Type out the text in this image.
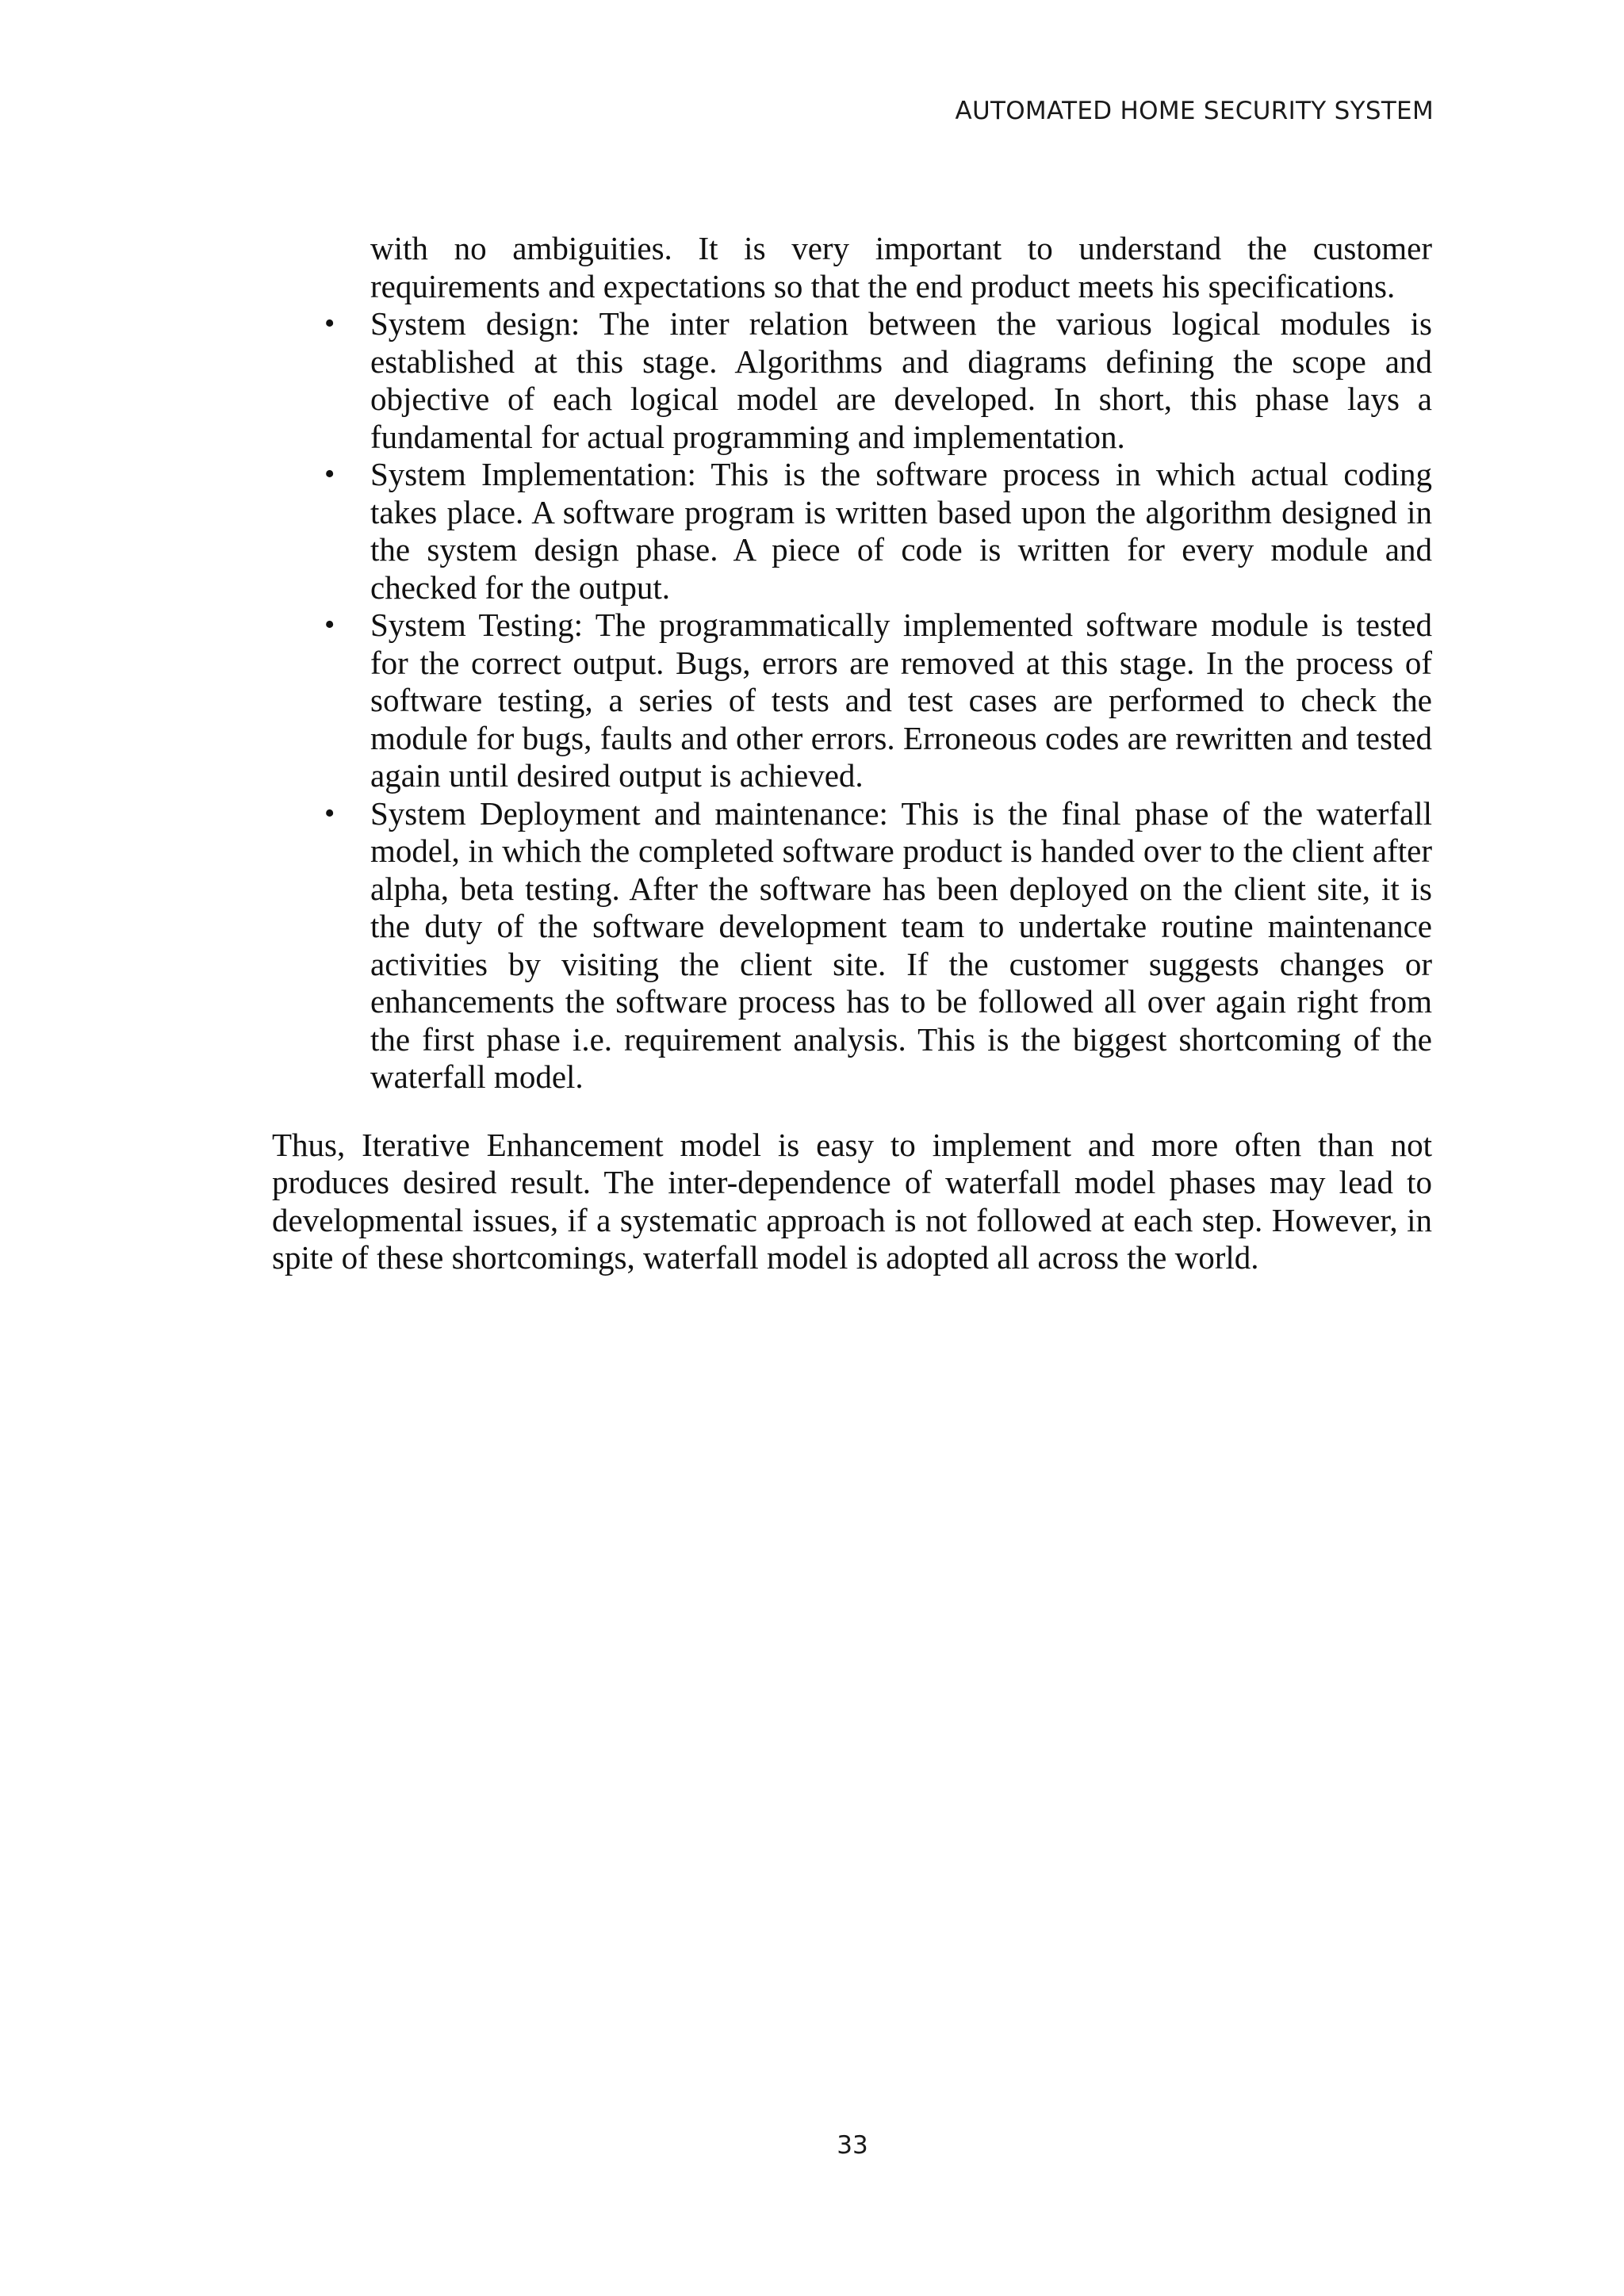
AUTOMATED HOME SECURITY SYSTEM

with no ambiguities. It is very important to understand the customer requirements and expectations so that the end product meets his specifications.

• System design: The inter relation between the various logical modules is established at this stage. Algorithms and diagrams defining the scope and objective of each logical model are developed. In short, this phase lays a fundamental for actual programming and implementation.
• System Implementation: This is the software process in which actual coding takes place. A software program is written based upon the algorithm designed in the system design phase. A piece of code is written for every module and checked for the output.
• System Testing: The programmatically implemented software module is tested for the correct output. Bugs, errors are removed at this stage. In the process of software testing, a series of tests and test cases are performed to check the module for bugs, faults and other errors. Erroneous codes are rewritten and tested again until desired output is achieved.
• System Deployment and maintenance: This is the final phase of the waterfall model, in which the completed software product is handed over to the client after alpha, beta testing. After the software has been deployed on the client site, it is the duty of the software development team to undertake routine maintenance activities by visiting the client site. If the customer suggests changes or enhancements the software process has to be followed all over again right from the first phase i.e. requirement analysis. This is the biggest shortcoming of the waterfall model.

Thus, Iterative Enhancement model is easy to implement and more often than not produces desired result. The inter-dependence of waterfall model phases may lead to developmental issues, if a systematic approach is not followed at each step. However, in spite of these shortcomings, waterfall model is adopted all across the world.

33
